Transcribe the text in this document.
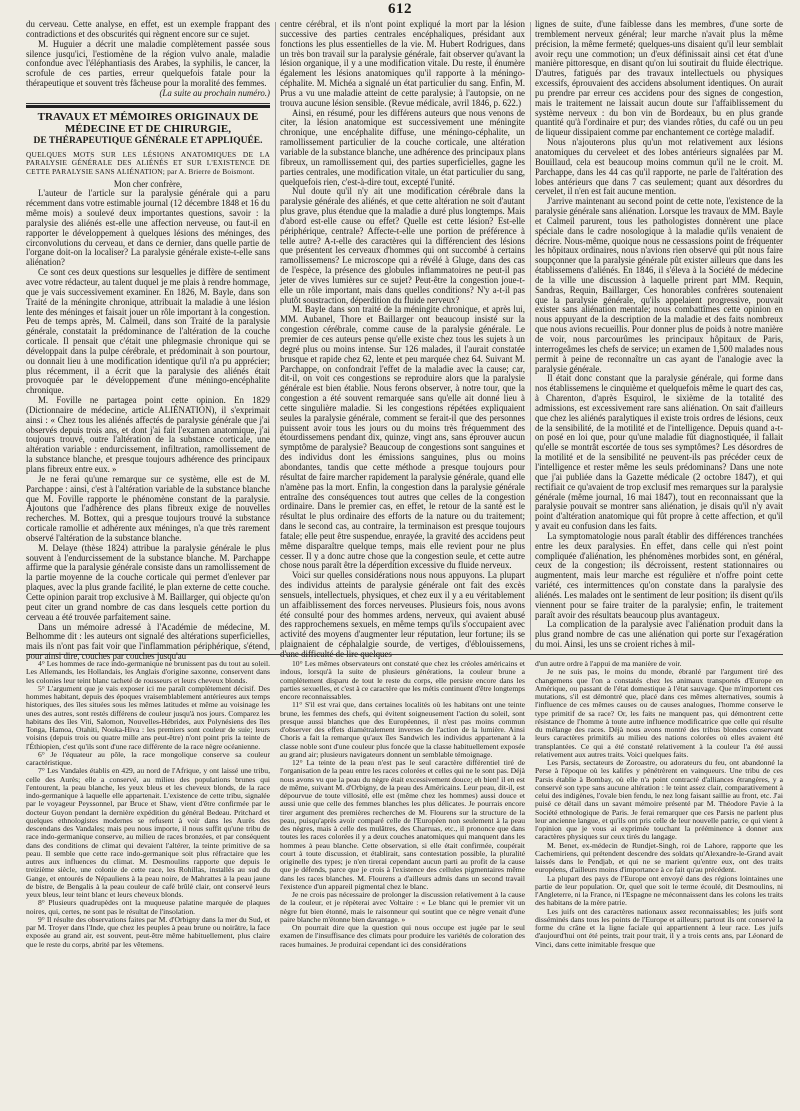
612

du cerveau. Cette analyse, en effet, est un exemple frappant des contradictions et des obscurités qui règnent encore sur ce sujet.

M. Huguier a décrit une maladie complètement passée sous silence jusqu'ici, l'estiomène de la région vulvo anale, maladie confondue avec l'éléphantiasis des Arabes, la syphilis, le cancer, la scrofule de ces parties, erreur quelquefois fatale pour la thérapeutique et souvent très fâcheuse pour la moralité des femmes.

(La suite au prochain numéro.)

TRAVAUX ET MÉMOIRES ORIGINAUX DE MÉDECINE ET DE CHIRURGIE,

DE THÉRAPEUTIQUE GÉNÉRALE ET APPLIQUÉE.

QUELQUES MOTS SUR LES LÉSIONS ANATOMIQUES DE LA PARALYSIE GÉNÉRALE DES ALIÉNÉS ET SUR L'EXISTENCE DE CETTE PARALYSIE SANS ALIÉNATION; par A. Brierre de Boismont.

Mon cher confrère,

L'auteur de l'article sur la paralysie générale qui a paru récemment dans votre estimable journal (12 décembre 1848 et 16 du même mois) a soulevé deux importantes questions, savoir : la paralysie des aliénés est-elle une affection nerveuse, ou faut-il en rapporter le développement à quelques lésions des méninges, des circonvolutions du cerveau, et dans ce dernier, dans quelle partie de l'organe doit-on la localiser? La paralysie générale existe-t-elle sans aliénation?

Ce sont ces deux questions sur lesquelles je diffère de sentiment avec votre rédacteur, au talent duquel je me plais à rendre hommage, que je vais successivement examiner. En 1826, M. Bayle, dans son Traité de la méningite chronique, attribuait la maladie à une lésion lente des méninges et faisait jouer un rôle important à la congestion. Peu de temps après, M. Calmeil, dans son Traité de la paralysie générale, constatait la prédominance de l'altération de la couche corticale. Il pensait que c'était une phlegmasie chronique qui se développait dans la pulpe cérébrale, et prédominait à son pourtour, ou donnait lieu à une modification identique qu'il n'a pu apprécier; plus récemment, il a écrit que la paralysie des aliénés était provoquée par le développement d'une méningo-encéphalite chronique.

M. Foville ne partagea point cette opinion. En 1829 (Dictionnaire de médecine, article ALIÉNATION), il s'exprimait ainsi : « Chez tous les aliénés affectés de paralysie générale que j'ai observés depuis trois ans, et dont j'ai fait l'examen anatomique, j'ai toujours trouvé, outre l'altération de la substance corticale, une altération variable : endurcissement, infiltration, ramollissement de la substance blanche, et presque toujours adhérence des principaux plans fibreux entre eux. »

Je ne ferai qu'une remarque sur ce système, elle est de M. Parchappe : ainsi, c'est à l'altération variable de la substance blanche que M. Foville rapporte le phénomène constant de la paralysie. Ajoutons que l'adhérence des plans fibreux exige de nouvelles recherches. M. Bottex, qui a presque toujours trouvé la substance corticale ramollie et adhérente aux méninges, n'a que très rarement observé l'altération de la substance blanche.

M. Delaye (thèse 1824) attribue la paralysie générale le plus souvent à l'endurcissement de la substance blanche. M. Parchappe affirme que la paralysie générale consiste dans un ramollissement de la partie moyenne de la couche corticale qui permet d'enlever par plaques, avec la plus grande facilité, le plan externe de cette couche. Cette opinion parait trop exclusive à M. Baillarger, qui objecte qu'on peut citer un grand nombre de cas dans lesquels cette portion du cerveau a été trouvée parfaitement saine.

Dans un mémoire adressé à l'Académie de médecine, M. Belhomme dit : les auteurs ont signalé des altérations superficielles, mais ils n'ont pas fait voir que l'inflammation périphérique, s'étend, pour ainsi dire, couches par couches jusqu'au

centre cérébral, et ils n'ont point expliqué la mort par la lésion successive des parties centrales encéphaliques, présidant aux fonctions les plus essentielles de la vie. M. Hubert Rodrigues, dans un très bon travail sur la paralysie générale, fait observer qu'avant la lésion organique, il y a une modification vitale. Du reste, il énumère également les lésions anatomiques qu'il rapporte à la méningo-céphalite. M. Michéa a signalé un état particulier du sang. Enfin, M. Prus a vu une maladie atteint de cette paralysie; à l'autopsie, on ne trouva aucune lésion sensible. (Revue médicale, avril 1846, p. 622.)

Ainsi, en résumé, pour les différens auteurs que nous venons de citer, la lésion anatomique est successivement une méningite chronique, une encéphalite diffuse, une méningo-céphalite, un ramollissement particulier de la couche corticale, une altération variable de la substance blanche, une adhérence des principaux plans fibreux, un ramollissement qui, des parties superficielles, gagne les parties centrales, une modification vitale, un état particulier du sang, quelquefois rien, c'est-à-dire tout, excepté l'unité.

Nul doute qu'il n'y ait une modification cérébrale dans la paralysie générale des aliénés, et que cette altération ne soit d'autant plus grave, plus étendue que la maladie a duré plus longtemps. Mais d'abord est-elle cause ou effet? Quelle est cette lésion? Est-elle périphérique, centrale? Affecte-t-elle une portion de préférence à telle autre? A-t-elle des caractères qui la différencient des lésions que présentent les cerveaux d'hommes qui ont succombé à certains ramollissemens? Le microscope qui a révélé à Gluge, dans des cas de l'espèce, la présence des globules inflammatoires ne peut-il pas jeter de vives lumières sur ce sujet? Peut-être la congestion joue-t-elle un rôle important, mais dans quelles conditions? N'y a-t-il pas plutôt soustraction, déperdition du fluide nerveux?

M. Bayle dans son traité de la méningite chronique, et après lui, MM. Aubanel, Thore et Baillarger ont beaucoup insisté sur la congestion cérébrale, comme cause de la paralysie générale. Le premier de ces auteurs pense qu'elle existe chez tous les sujets à un degré plus ou moins intense. Sur 126 malades, il l'aurait constatée brusque et rapide chez 62, lente et peu marquée chez 64. Suivant M. Parchappe, on confondrait l'effet de la maladie avec la cause; car, dit-il, on voit ces congestions se reproduire alors que la paralysie générale est bien établie. Nous ferons observer, à notre tour, que la congestion a été souvent remarquée sans qu'elle ait donné lieu à cette singulière maladie. Si les congestions répétées expliquaient seules la paralysie générale, comment se ferait-il que des personnes puissent avoir tous les jours ou du moins très fréquemment des étourdissemens pendant dix, quinze, vingt ans, sans éprouver aucun symptôme de paralysie? Beaucoup de congestions sont sanguines et des individus dont les émissions sanguines, plus ou moins abondantes, tandis que cette méthode a presque toujours pour résultat de faire marcher rapidement la paralysie générale, quand elle n'amène pas la mort. Enfin, la congestion dans la paralysie générale entraîne des conséquences tout autres que celles de la congestion ordinaire. Dans le premier cas, en effet, le retour de la santé est le résultat le plus ordinaire des efforts de la nature ou du traitement; dans le second cas, au contraire, la terminaison est presque toujours fatale; elle peut être suspendue, enrayée, la gravité des accidens peut même disparaître quelque temps, mais elle revient pour ne plus cesser. Il y a donc autre chose que la congestion seule, et cette autre chose nous paraît être la déperdition excessive du fluide nerveux.

Voici sur quelles considérations nous nous appuyons. La plupart des individus atteints de paralysie générale ont fait des excès sensuels, intellectuels, physiques, et chez eux il y a eu véritablement un affaiblissement des forces nerveuses. Plusieurs fois, nous avons été consulté pour des hommes ardens, nerveux, qui avaient abusé des rapprochemens sexuels, en même temps qu'ils s'occupaient avec activité des moyens d'augmenter leur réputation, leur fortune; ils se plaignaient de céphalalgie sourde, de vertiges, d'éblouissemens, d'une difficulté de lire quelques

lignes de suite, d'une faiblesse dans les membres, d'une sorte de tremblement nerveux général; leur marche n'avait plus la même précision, la même fermeté; quelques-uns disaient qu'il leur semblait avoir reçu une commotion; un d'eux définissait ainsi cet état d'une manière pittoresque, en disant qu'on lui soutirait du fluide électrique. D'autres, fatigués par des travaux intellectuels ou physiques excessifs, éprouvaient des accidens absolument identiques. On aurait pu prendre par erreur ces accidens pour des signes de congestion, mais le traitement ne laissait aucun doute sur l'affaiblissement du système nerveux : du bon vin de Bordeaux, bu en plus grande quantité qu'à l'ordinaire et pur; des viandes rôties, du café ou un peu de liqueur dissipaient comme par enchantement ce cortège maladif.

Nous n'ajouterons plus qu'un mot relativement aux lésions anatomiques du cerveleet et des lobes antérieurs signalées par M. Bouillaud, cela est beaucoup moins commun qu'il ne le croit. M. Parchappe, dans les 44 cas qu'il rapporte, ne parle de l'altération des lobes antérieurs que dans 7 cas seulement; quant aux désordres du cervelet, il n'en est fait aucune mention.

J'arrive maintenant au second point de cette note, l'existence de la paralysie générale sans aliénation. Lorsque les travaux de MM. Bayle et Calmeil parurent, tous les pathologistes donnèrent une place spéciale dans le cadre nosologique à la maladie qu'ils venaient de décrire. Nous-même, quoique nous ne cessassions point de fréquenter les hôpitaux ordinaires, nous n'avions rien observé qui pût nous faire soupçonner que la paralysie générale pût exister ailleurs que dans les établissemens d'aliénés. En 1846, il s'éleva à la Société de médecine de la ville une discussion à laquelle prirent part MM. Requin, Sandras, Requin, Baillarger, Ces honorables confrères soutenaient que la paralysie générale, qu'ils appelaient progressive, pouvait exister sans aliénation mentale; nous combattîmes cette opinion en nous appuyant de la description de la maladie et des faits nombreux que nous avions recueillis. Pour donner plus de poids à notre manière de voir, nous parcourûmes les principaux hôpitaux de Paris, interrogeâmes les chefs de service; un examen de 1,500 malades nous permit à peine de reconnaître un cas ayant de l'analogie avec la paralysie générale.

Il était donc constant que la paralysie générale, qui forme dans nos établissemens le cinquième et quelquefois même le quart des cas, à Charenton, d'après Esquirol, le sixième de la totalité des admissions, est excessivement rare sans aliénation. On sait d'ailleurs que chez les aliénés paralytiques il existe trois ordres de lésions, ceux de la sensibilité, de la motilité et de l'intelligence. Depuis quand a-t-on posé en loi que, pour qu'une maladie fût diagnostiquée, il fallait qu'elle se montrât escortée de tous ses symptômes? Les désordres de la motilité et de la sensibilité ne peuvent-ils pas précéder ceux de l'intelligence et rester même les seuls prédominans? Dans une note que j'ai publiée dans la Gazette médicale (2 octobre 1847), et qui rectifiait ce qu'avaient de trop exclusif mes remarques sur la paralysie générale (même journal, 16 mai 1847), tout en reconnaissant que la paralysie pouvait se montrer sans aliénation, je disais qu'il n'y avait point d'altération anatomique qui fût propre à cette affection, et qu'il y avait eu confusion dans les faits.

La symptomatologie nous paraît établir des différences tranchées entre les deux paralysies. En effet, dans celle qui n'est point compliquée d'aliénation, les phénomènes morbides sont, en général, ceux de la congestion; ils décroissent, restent stationnaires ou augmentent, mais leur marche est régulière et n'offre point cette variété, ces intermittences qu'on constate dans la paralysie des aliénés. Les malades ont le sentiment de leur position; ils disent qu'ils viennent pour se faire traiter de la paralysie; enfin, le traitement paraît avoir des résultats beaucoup plus avantageux.

La complication de la paralysie avec l'aliénation produit dans la plus grand nombre de cas une aliénation qui porte sur l'exagération du moi. Ainsi, les uns se croient riches à mil-

4° Les hommes de race indo-germanique ne brunissent pas du tout au soleil. Les Allemands, les Hollandais, les Anglais d'origine saxonne, conservent dans les colonies leur teint blanc tacheté de rousseurs et leurs cheveux blonds.

5° L'argument que je vais exposer ici me paraît complètement décisif. Des hommes habitant, depuis des époques vraisemblablement antérieures aux temps historiques, des îles situées sous les mêmes latitudes et même au voisinage les unes des autres, sont restés différens de couleur jusqu'à nos jours. Comparez les habitans des îles Viti, Salomon, Nouvelles-Hébrides, aux Polynésiens des îles Tonga, Hamoa, Otahiti, Nouka-Hiva : les premiers sont couleur de suie; leurs voisins (depuis trois ou quatre mille ans peut-être) n'ont point pris la teinte de l'Éthiopien, c'est qu'ils sont d'une race différente de la race nègre océanienne.

6° Je l'équateur au pôle, la race mongolique conserve sa couleur caractéristique.

7° Les Vandales établis en 429, au nord de l'Afrique, y ont laissé une tribu, celle des Aurès; elle a conservé, au milieu des populations brunes qui l'entourent, la peau blanche, les yeux bleus et les cheveux blonds, de la race indo-germanique à laquelle elle appartenait. L'existence de cette tribu, signalée par le voyageur Peyssonnel, par Bruce et Shaw, vient d'être confirmée par le docteur Guyon pendant la dernière expédition du général Bedeau. Pritchard et quelques ethnologistes modernes se refusent à voir dans les Aurès des descendans des Vandales; mais peu nous importe, il nous suffit qu'une tribu de race indo-germanique conserve, au milieu de races bronzées, et par conséquent dans des conditions de climat qui devaient l'altérer, la teinte primitive de sa peau. Il semble que cette race indo-germanique soit plus réfractaire que les autres aux influences du climat. M. Desmoulins rapporte que depuis le treizième siècle, une colonie de cette race, les Rohillas, installés au sud du Gange, et entourés de Népauliens à la peau noire, de Mahrattes à la peau jaune de bistre, de Bengalis à la peau couleur de café brûlé clair, ont conservé leurs yeux bleus, leur teint blanc et leurs cheveux blonds.

8° Plusieurs quadrupèdes ont la muqueuse palatine marquée de plaques noires, qui, certes, ne sont pas le résultat de l'insolation.

9° Il résulte des observations faites par M. d'Orbigny dans la mer du Sud, et par M. Troyer dans l'Inde, que chez les peuples à peau brune ou noirâtre, la face exposée au grand air, est souvent, peut-être même habituellement, plus claire que le reste du corps, abrité par les vêtemens.

10° Les mêmes observateurs ont constaté que chez les créoles américains et indous, lorsqu'à la suite de plusieurs générations, la couleur brune a complètement disparu de tout le reste du corps, elle persiste encore dans les parties sexuelles, et c'est à ce caractère que les métis continuent d'être longtemps encore reconnaissables.

11° S'il est vrai que, dans certaines localités où les habitans ont une teinte brune, les femmes des chefs, qui évitent soigneusement l'action du soleil, sont presque aussi blanches que des Européennes, il n'est pas moins commun d'observer des effets diamétralement inverses de l'action de la lumière. Ainsi Choris a fait la remarque qu'aux îles Sandwich les individus appartenant à la classe noble sont d'une couleur plus foncée que la classe habituellement exposée au grand air; plusieurs navigateurs donnent un semblable témoignage.

12° La teinte de la peau n'est pas le seul caractère différentiel tiré de l'organisation de la peau entre les races colorées et celles qui ne le sont pas. Déjà nous avons vu que la peau du nègre était excessivement douce; eh bien! il en est de même, suivant M. d'Orbigny, de la peau des Américains. Leur peau, dit-il, est dépourvue de toute villosité, elle est (même chez les hommes) aussi douce et aussi unie que celle des femmes blanches les plus délicates. Je pourrais encore tirer argument des premières recherches de M. Flourens sur la structure de la peau, puisqu'après avoir comparé celle de l'Européen non seulement à la peau des nègres, mais à celle des mulâtres, des Charruas, etc., il prononce que dans toutes les races colorées il y a deux couches anatomiques qui manquent dans les hommes à peau blanche. Cette observation, si elle était confirmée, coupérait court à toute discussion, et établirait, sans contestation possible, la pluralité originelle des types; je n'en tirerai cependant aucun parti au profit de la cause que je défends, parce que je crois à l'existence des cellules pigmentaires même dans les races blanches. M. Flourens a d'ailleurs admis dans un second travail l'existence d'un appareil pigmental chez le blanc.

Je ne crois pas nécessaire de prolonger la discussion relativement à la cause de la couleur, et je répèterai avec Voltaire : « Le blanc qui le premier vit un nègre fut bien étonné, mais le raisonneur qui soutint que ce nègre venait d'une paire blanche m'étonne bien davantage. »

On pourrait dire que la question qui nous occupe est jugée par le seul examen de l'insuffisance des climats pour produire les variétés de coloration des races humaines. Je produirai cependant ici des considérations

d'un autre ordre à l'appui de ma manière de voir.

Je ne suis pas, le moins du monde, ébranlé par l'argument tiré des changemens que l'on a constatés chez les animaux transportés d'Europe en Amérique, ou passant de l'état domestique à l'état sauvage. Que m'importent ces mutations, s'il est démontré que, placé dans ces mêmes alternatives, soumis à l'influence de ces mêmes causes ou de causes analogues, l'homme conserve le type primitif de sa race? Or, les faits ne manquent pas, qui démontrent cette résistance de l'homme à toute autre influence modificatrice que celle qui résulte du mélange des races. Déjà nous avons montré des tribus blondes conservant leurs caractères primitifs au milieu des nations colorées où elles avaient été transplantées. Ce qui a été constaté relativement à la couleur l'a été aussi relativement aux autres traits. Voici quelques faits.

Les Parsis, sectateurs de Zoroastre, ou adorateurs du feu, ont abandonné la Perse à l'époque où les kalifes y pénétrèrent en vainqueurs. Une tribu de ces Parsis établie à Bombay, où elle n'a point contracté d'alliances étrangères, y a conservé son type sans aucune altération : le teint assez clair, comparativement à celui des indigènes, l'ovale bien fendu, le nez long faisant saillie au front, etc. J'ai puisé ce détail dans un savant mémoire présenté par M. Théodore Pavie à la Société ethnologique de Paris. Je ferai remarquer que ces Parsis ne parlent plus leur ancienne langue, et qu'ils ont pris celle de leur nouvelle patrie, ce qui vient à l'opinion que je vous ai exprimée touchant la prééminence à donner aux caractères physiques sur ceux tirés du langage.

M. Benet, ex-médecin de Rundjet-Singh, roi de Lahore, rapporte que les Cachemiriens, qui prétendent descendre des soldats qu'Alexandre-le-Grand avait laissés dans le Pendjab, et qui ne se marient qu'entre eux, ont des traits européens, d'ailleurs moins d'importance à ce fait qu'au précédent.

La plupart des pays de l'Europe ont envoyé dans des régions lointaines une partie de leur population. Or, quel que soit le terme écoulé, dit Desmoulins, ni l'Angleterre, ni la France, ni l'Espagne ne méconnaissent dans les colons les traits des habitans de la mère patrie.

Les juifs ont des caractères nationaux assez reconnaissables; les juifs sont disséminés dans tous les points de l'Europe et ailleurs; partout ils ont conservé la forme du crâne et la ligne faciale qui appartiennent à leur race. Les juifs d'aujourd'hui ont été peints, trait pour trait, il y a trois cents ans, par Léonard de Vinci, dans cette inimitable fresque que
